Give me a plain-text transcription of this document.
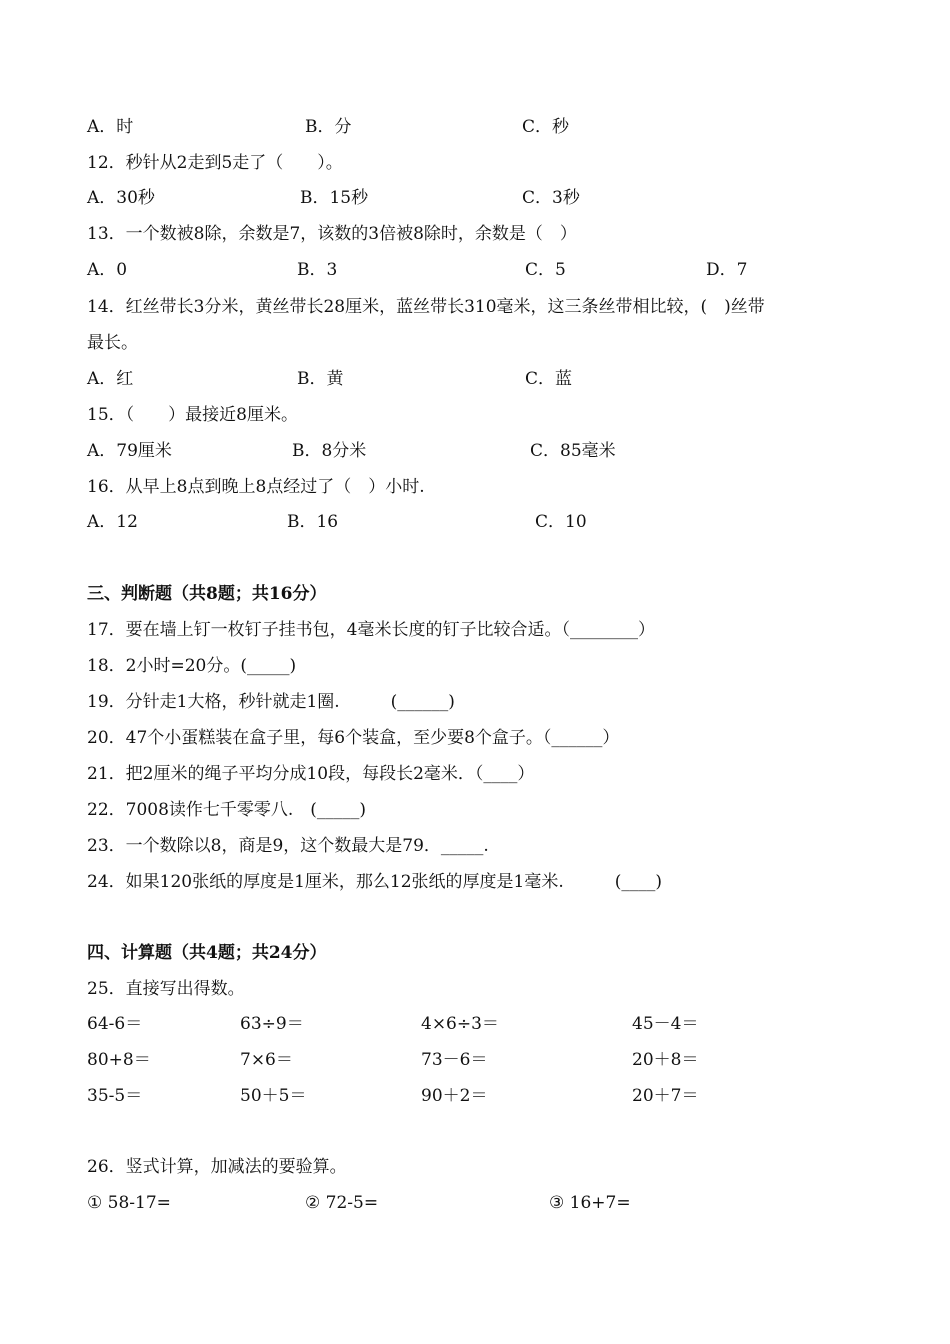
A．时	B．分	C．秒
12．秒针从2走到5走了（　　）。
A．30秒	B．15秒	C．3秒
13．一个数被8除，余数是7，该数的3倍被8除时，余数是（　）
A．0	B．3	C．5	D．7
14．红丝带长3分米，黄丝带长28厘米，蓝丝带长310毫米，这三条丝带相比较，(　)丝带
最长。
A．红	B．黄	C．蓝
15．（　　）最接近8厘米。
A．79厘米	B．8分米	C．85毫米
16．从早上8点到晚上8点经过了（　）小时.
A．12	B．16	C．10
三、判断题（共8题；共16分）
17．要在墙上钉一枚钉子挂书包，4毫米长度的钉子比较合适。（________）
18．2小时=20分。(_____)
19．分针走1大格，秒针就走1圈.　　　(______)
20．47个小蛋糕装在盒子里，每6个装盒，至少要8个盒子。（______）
21．把2厘米的绳子平均分成10段，每段长2毫米．（____）
22．7008读作七千零零八.　(_____)
23．一个数除以8，商是9，这个数最大是79．_____.
24．如果120张纸的厚度是1厘米，那么12张纸的厚度是1毫米.　　　(____)
四、计算题（共4题；共24分）
25．直接写出得数。
64-6＝	63÷9＝	4×6÷3＝	45－4＝
80+8＝	7×6＝	73－6＝	20＋8＝
35-5＝	50＋5＝	90＋2＝	20＋7＝
26．竖式计算，加减法的要验算。
① 58-17=	② 72-5=	③ 16+7=
